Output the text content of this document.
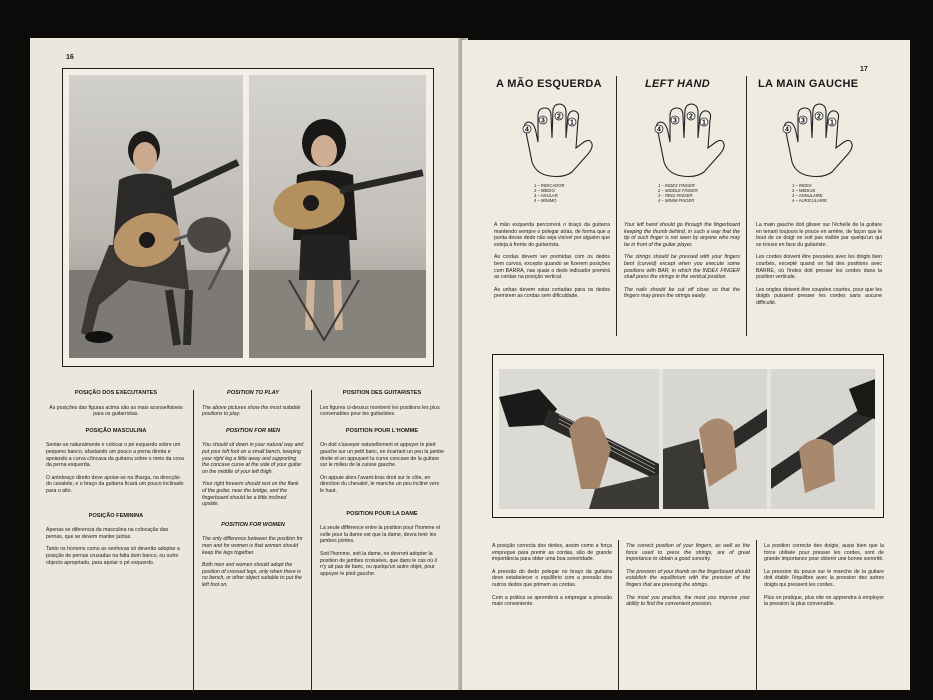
16
POSIÇÃO DOS EXECUTANTES

As posições das figuras acima são as mais aconselháveis para os guitarristas.

POSIÇÃO MASCULINA

Sentar-se naturalmente e colocar o pé esquerdo sobre um pequeno banco, afastando um pouco a perna direita e apoiando a curva côncava da guitarra sobre o meio da coxa da perna esquerda.

O antebraço direito deve apoiar-se na ilharga, na direcção do cavalete, e o braço da guitarra ficará um pouco inclinado para o alto.

POSIÇÃO FEMININA

Apenas se diferencia da masculina na colocação das pernas, que se devem manter juntas.

Tanto os homens como as senhoras só deverão adoptar a posição de pernas cruzadas na falta dum banco, ou outro objecto apropriado, para apoiar o pé esquerdo.

POSITION TO PLAY

The above pictures show the most suitable positions to play.

POSITION FOR MEN

You should sit down in your natural way and put your left foot on a small bench, keeping your right leg a little away and supporting the concave curve at the side of your guitar on the middle of your left thigh.

Your right forearm should rest on the flank of the guitar, near the bridge, and the fingerboard should be a little inclined upside.

POSITION FOR WOMEN

The only difference between the position for men and for women is that women should keep the legs together.

Both men and women should adopt the position of crossed legs, only when there is no bench, or other object suitable to put the left foot on.

POSITION DES GUITARISTES

Les figures ci-dessus montrent les positions les plus convenables pour les guitaristes.

POSITION POUR L'HOMME

On doit s'asseyer naturellement et appuyer le pied gauche sur un petit banc, en écartant un peu la jambe droite et en appuyant la curve concave de la guitare sur le milieu de la cuisse gauche.

On appuie alors l'avant-bras droit sur le côte, en direction du chevalet, le manche un peu incliné vers le haut.

POSITION POUR LA DAME

La seule différence entre la position pour l'homme et celle pour la dame est que la dame, devra tenir les jambes jointes.

Soit l'homme, soit la dame, ne devront adopter la position de jambes croissées, que dans le cas où il n'y ait pas de banc, ou quelqu'un autre objet, pour appuyer le pied gauche.

17
A MÃO ESQUERDA	LEFT HAND	LA MAIN GAUCHE
4
3
2
1
4
3
2
1
4
3
2
1
1 – INDICADOR
2 – MÉDIO
3 – ANULAR
4 – MÍNIMO
1 – INDEX FINGER
2 – MIDDLE FINGER
3 – RING FINGER
4 – MINIM FINGER
1 – INDEX
2 – MEDIUS
3 – ANNULAIRE
4 – AURICULAIRE

A mão esquerda percorrerá o braço da guitarra mantendo sempre o polegar atrás, de forma que a ponta desse dedo não seja visível por alguém que esteja à frente do guitarrista.

As cordas devem ser premidas com os dedos bem curvos, excepto quando se fizerem posições com BARRA, nas quais o dedo indicador premirá as cordas na posição vertical.

As unhas devem estar cortadas para os dedos premirem as cordas sem dificuldade.

Your left hand should go through the fingerboard keeping the thumb behind, in such a way that the tip of such finger is not seen by anyone who may be in front of the guitar player.

The strings should be pressed with your fingers bent (curved) except when you execute some positions with BAR, in which the INDEX FINGER shall press the strings in the vertical position.

The nails should be cut off close so that the fingers may press the strings easily.

La main gauche doit glisser sur l'échelle de la guitare en tenant toujours le pouce en arrière, de façon que le bout de ce doigt ne soit pas visible par quelqu'un qui se trouve en face du guitariste.

Les cordes doivent être pressées avec les doigts bien courbés, excepté quand on fait des positions avec BARRE, où l'index doit presser les cordes dans la position verticale.

Les ongles doivent être coupées courtes, pour que les doigts puissent presser les cordes sans aucune difficulté.

A posição correcta dos dedos, assim como a força empregue para premir as cordas, são de grande importância para obter uma boa sonoridade.

A pressão do dedo polegar no braço da guitarra deve estabelecer o equilíbrio com a pressão dos outros dedos que primem as cordas.

Com a prática se aprenderá a empregar a pressão mais conveniente.

The correct position of your fingers, as well as the force used to press the strings, are of great importance to obtain a good sonority.

The pression of your thumb on the fingerboard should establish the equilibrium with the pression of the fingers that are pressing the strings.

The most you practice, the most you improve your ability to find the convenient pression.

La position correcte des doigts, aussi bien que la force utilisée pour presser les cordes, sont de grande importance pour obtenir une bonne sonorité.

La pression du pouce sur le manche de la guitare doit établir l'équilibre avec la pression des autres doigts qui pressent les cordes.

Plus on pratique, plus vite on apprendra à employer la pression la plus convenable.
